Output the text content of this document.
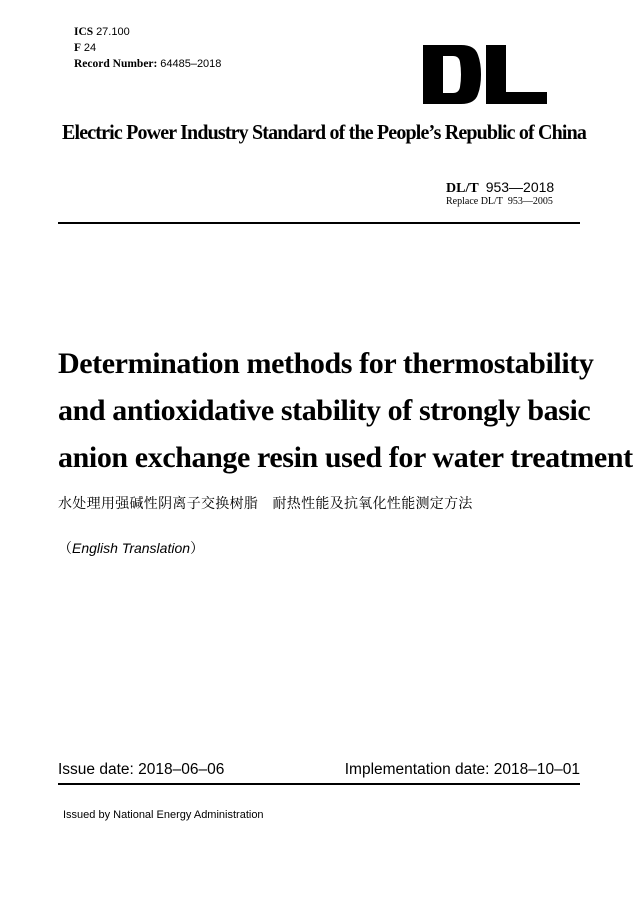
ICS 27.100
F 24
Record Number: 64485–2018
Electric Power Industry Standard of the People’s Republic of China
DL/T 953—2018
Replace DL/T 953—2005
Determination methods for thermostability
and antioxidative stability of strongly basic
anion exchange resin used for water treatment
水处理用强碱性阴离子交换树脂　耐热性能及抗氧化性能测定方法
（English Translation）
Issue date: 2018–06–06	Implementation date: 2018–10–01
Issued by National Energy Administration
